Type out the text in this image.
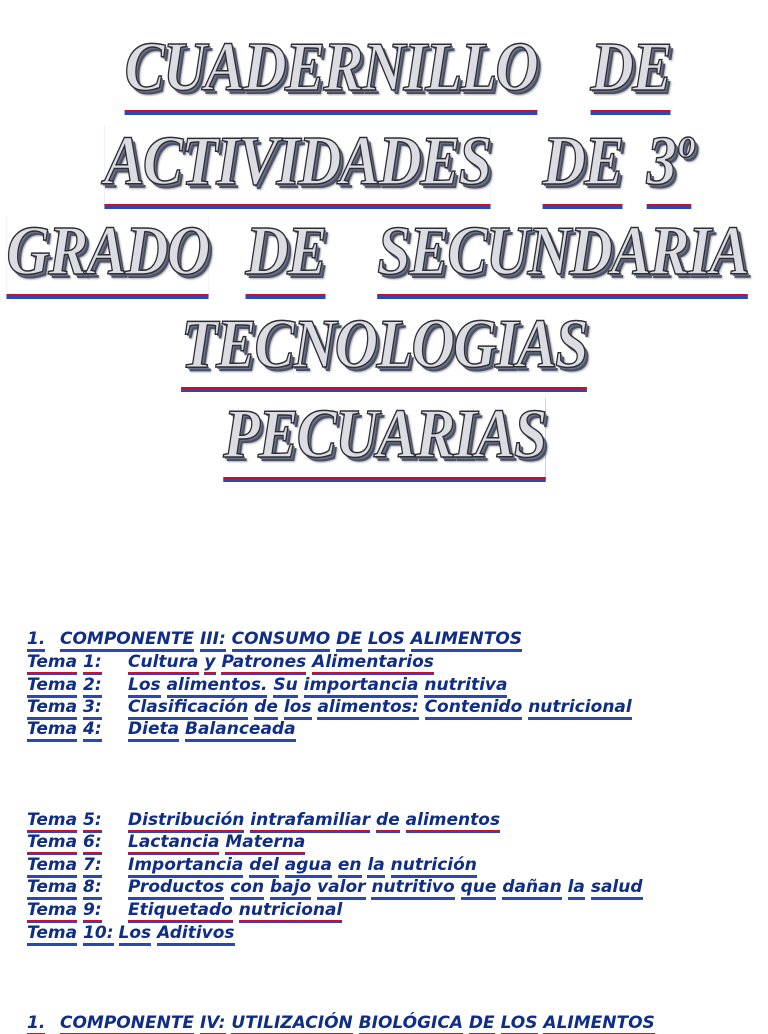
CUADERNILLO DE
ACTIVIDADES DE 3º
GRADO DE SECUNDARIA
TECNOLOGIAS
PECUARIAS
1. COMPONENTE III: CONSUMO DE LOS ALIMENTOS
Tema 1:	Cultura y Patrones Alimentarios
Tema 2:	Los alimentos. Su importancia nutritiva
Tema 3:	Clasificación de los alimentos: Contenido nutricional
Tema 4:	Dieta Balanceada
Tema 5:	Distribución intrafamiliar de alimentos
Tema 6:	Lactancia Materna
Tema 7:	Importancia del agua en la nutrición
Tema 8:	Productos con bajo valor nutritivo que dañan la salud
Tema 9:	Etiquetado nutricional
Tema 10: Los Aditivos
1. COMPONENTE IV: UTILIZACIÓN BIOLÓGICA DE LOS ALIMENTOS
